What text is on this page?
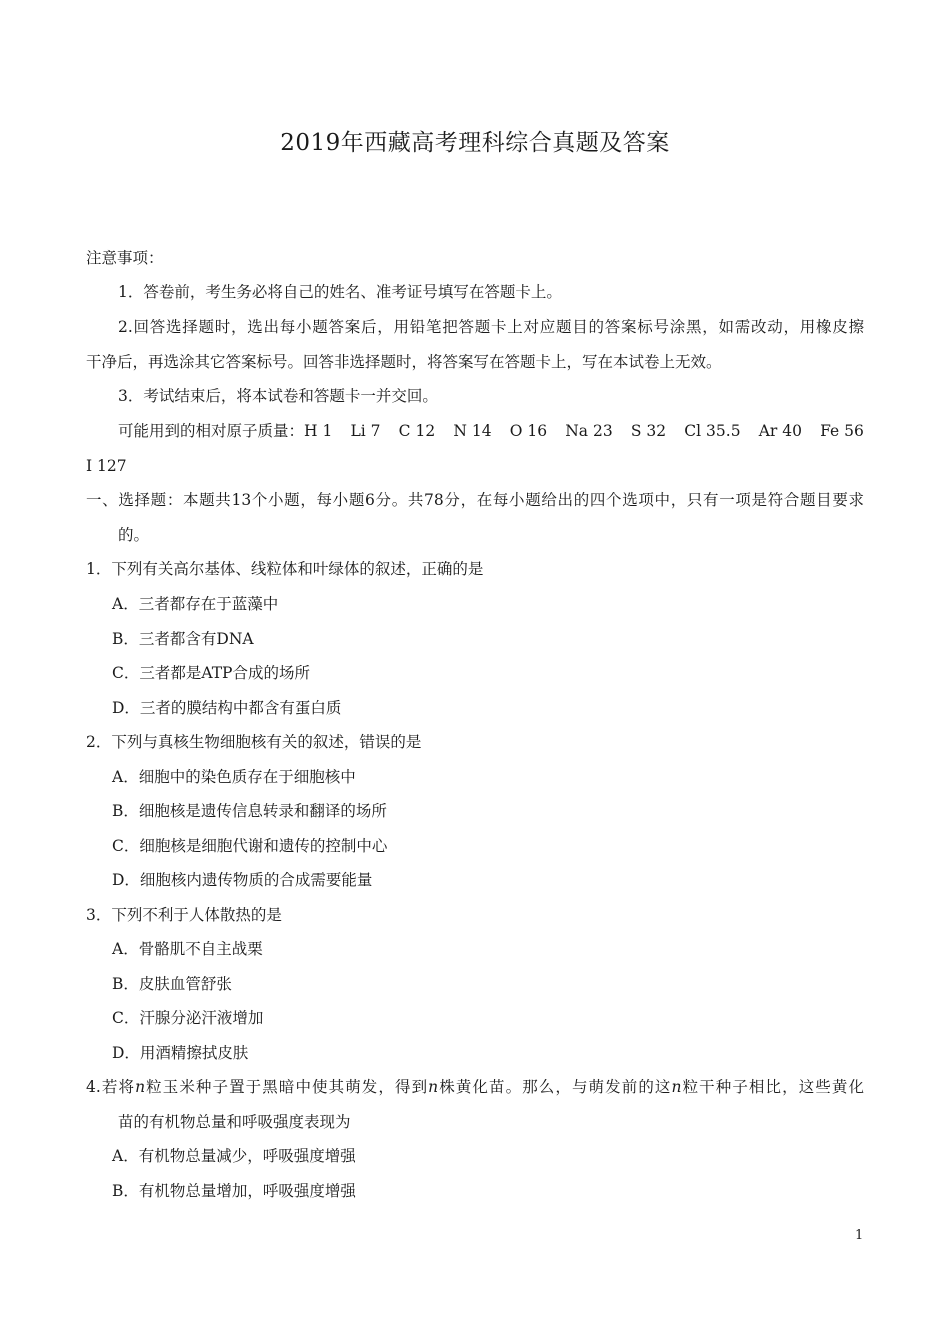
2019年西藏高考理科综合真题及答案
注意事项：
1．答卷前，考生务必将自己的姓名、准考证号填写在答题卡上。
2.回答选择题时，选出每小题答案后，用铅笔把答题卡上对应题目的答案标号涂黑，如需改动，用橡皮擦
干净后，再选涂其它答案标号。回答非选择题时，将答案写在答题卡上，写在本试卷上无效。
3．考试结束后，将本试卷和答题卡一并交回。
可能用到的相对原子质量：H 1 Li 7 C 12 N 14 O 16 Na 23 S 32 Cl 35.5 Ar 40 Fe 56
I 127
一、选择题：本题共13个小题，每小题6分。共78分，在每小题给出的四个选项中，只有一项是符合题目要求
的。
1．下列有关高尔基体、线粒体和叶绿体的叙述，正确的是
A．三者都存在于蓝藻中
B．三者都含有DNA
C．三者都是ATP合成的场所
D．三者的膜结构中都含有蛋白质
2．下列与真核生物细胞核有关的叙述，错误的是
A．细胞中的染色质存在于细胞核中
B．细胞核是遗传信息转录和翻译的场所
C．细胞核是细胞代谢和遗传的控制中心
D．细胞核内遗传物质的合成需要能量
3．下列不利于人体散热的是
A．骨骼肌不自主战栗
B．皮肤血管舒张
C．汗腺分泌汗液增加
D．用酒精擦拭皮肤
4.若将n粒玉米种子置于黑暗中使其萌发，得到n株黄化苗。那么，与萌发前的这n粒干种子相比，这些黄化
苗的有机物总量和呼吸强度表现为
A．有机物总量减少，呼吸强度增强
B．有机物总量增加，呼吸强度增强
1
